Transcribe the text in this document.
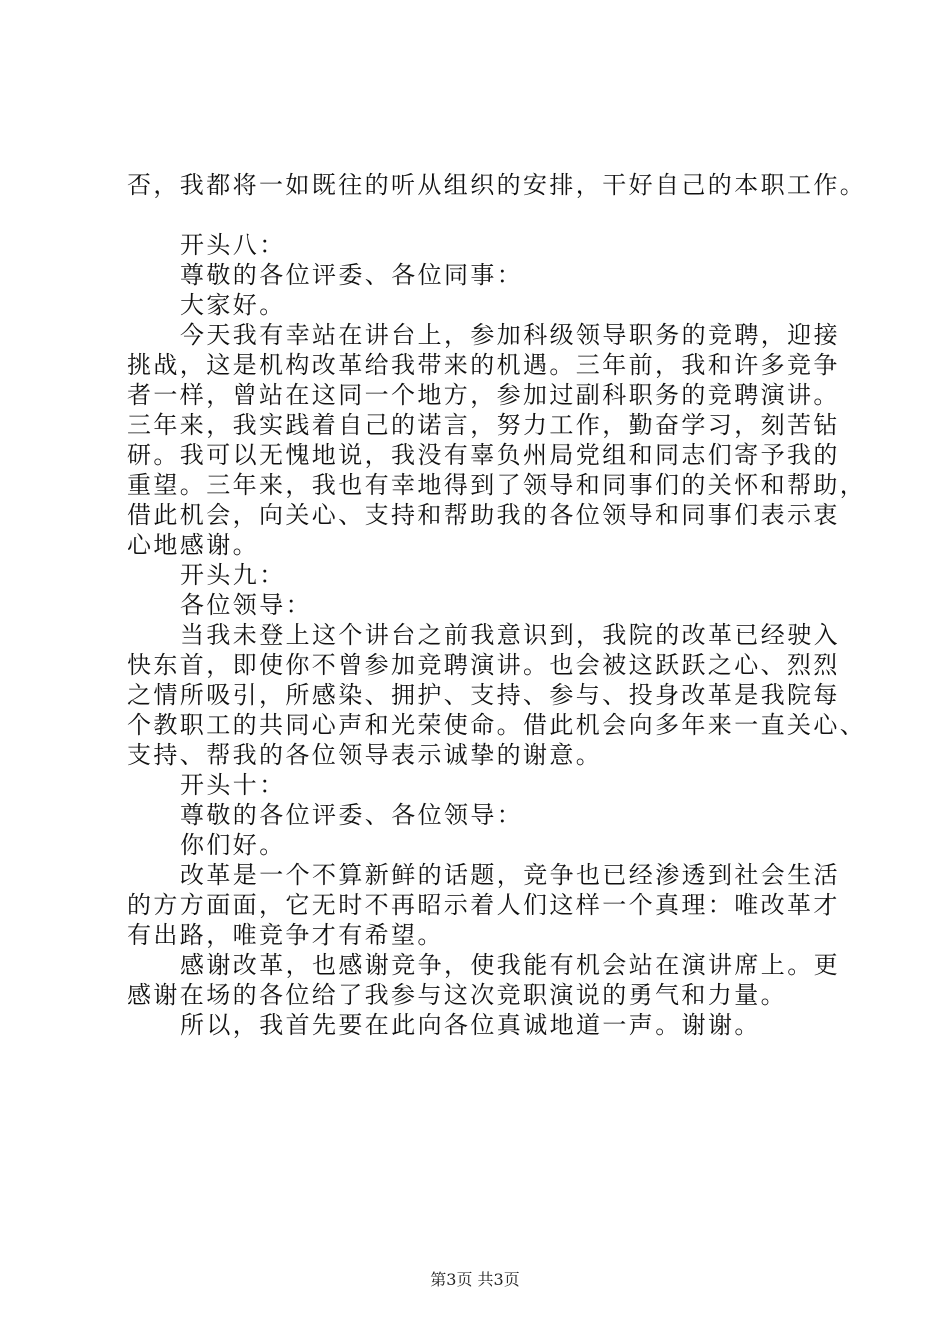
否，我都将一如既往的听从组织的安排，干好自己的本职工作。
开头八：
尊敬的各位评委、各位同事：
大家好。
今天我有幸站在讲台上，参加科级领导职务的竞聘，迎接
挑战，这是机构改革给我带来的机遇。三年前，我和许多竞争
者一样，曾站在这同一个地方，参加过副科职务的竞聘演讲。
三年来，我实践着自己的诺言，努力工作，勤奋学习，刻苦钻
研。我可以无愧地说，我没有辜负州局党组和同志们寄予我的
重望。三年来，我也有幸地得到了领导和同事们的关怀和帮助，
借此机会，向关心、支持和帮助我的各位领导和同事们表示衷
心地感谢。
开头九：
各位领导：
当我未登上这个讲台之前我意识到，我院的改革已经驶入
快东首，即使你不曾参加竞聘演讲。也会被这跃跃之心、烈烈
之情所吸引，所感染、拥护、支持、参与、投身改革是我院每
个教职工的共同心声和光荣使命。借此机会向多年来一直关心、
支持、帮我的各位领导表示诚挚的谢意。
开头十：
尊敬的各位评委、各位领导：
你们好。
改革是一个不算新鲜的话题，竞争也已经渗透到社会生活
的方方面面，它无时不再昭示着人们这样一个真理：唯改革才
有出路，唯竞争才有希望。
感谢改革，也感谢竞争，使我能有机会站在演讲席上。更
感谢在场的各位给了我参与这次竞职演说的勇气和力量。
所以，我首先要在此向各位真诚地道一声。谢谢。
第3页 共3页
